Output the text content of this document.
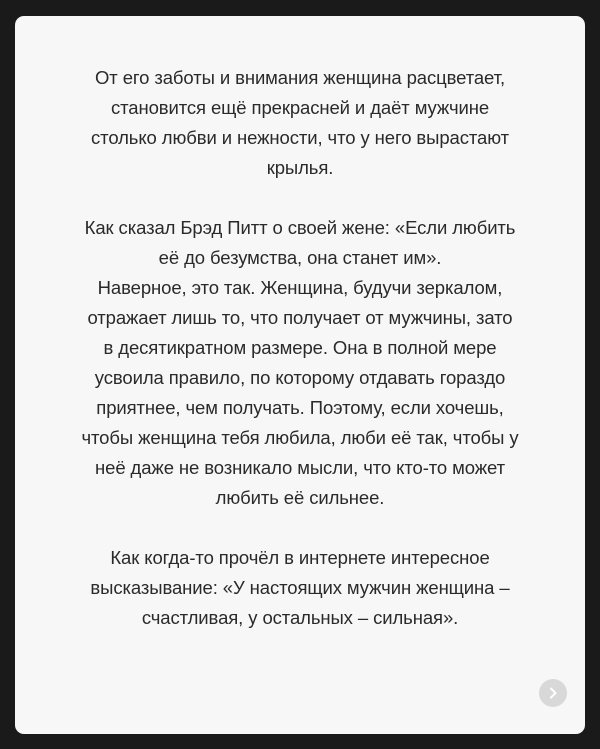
От его заботы и внимания женщина расцветает,
становится ещё прекрасней и даёт мужчине
столько любви и нежности, что у него вырастают
крылья.

Как сказал Брэд Питт о своей жене: «Если любить
её до безумства, она станет им».
Наверное, это так. Женщина, будучи зеркалом,
отражает лишь то, что получает от мужчины, зато
в десятикратном размере. Она в полной мере
усвоила правило, по которому отдавать гораздо
приятнее, чем получать. Поэтому, если хочешь,
чтобы женщина тебя любила, люби её так, чтобы у
неё даже не возникало мысли, что кто-то может
любить её сильнее.

Как когда-то прочёл в интернете интересное
высказывание: «У настоящих мужчин женщина –
счастливая, у остальных – сильная».
